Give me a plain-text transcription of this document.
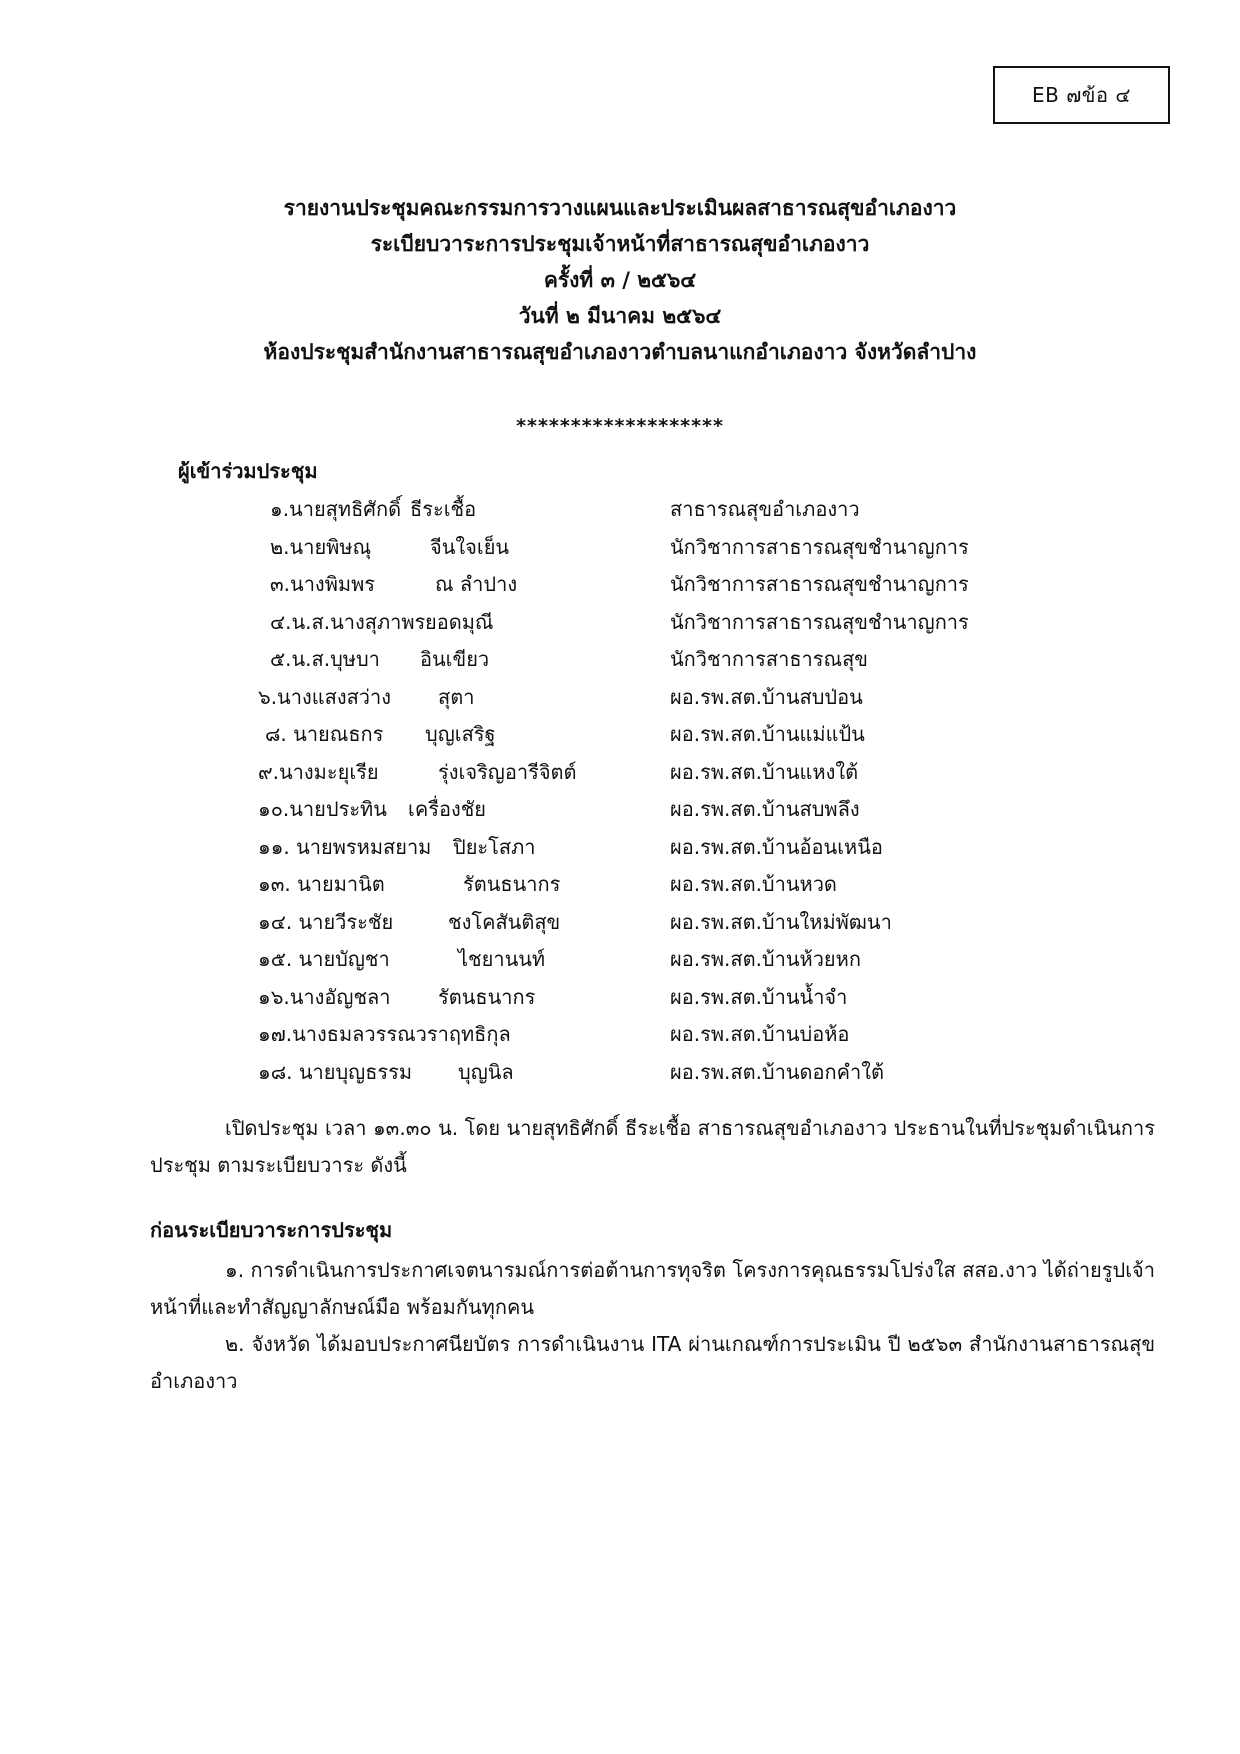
EB ๗ข้อ ๔
รายงานประชุมคณะกรรมการวางแผนและประเมินผลสาธารณสุขอำเภองาว
ระเบียบวาระการประชุมเจ้าหน้าที่สาธารณสุขอำเภองาว
ครั้งที่ ๓ / ๒๕๖๔
วันที่ ๒ มีนาคม ๒๕๖๔
ห้องประชุมสำนักงานสาธารณสุขอำเภองาวตำบลนาแกอำเภองาว จังหวัดลำปาง
*******************
ผู้เข้าร่วมประชุม
๑.นายสุทธิศักดิ์ ธีระเชื้อ	สาธารณสุขอำเภองาว
๒.นายพิษณุ	จีนใจเย็น	นักวิชาการสาธารณสุขชำนาญการ
๓.นางพิมพร	ณ ลำปาง	นักวิชาการสาธารณสุขชำนาญการ
๔.น.ส.นางสุภาพร ยอดมุณี	นักวิชาการสาธารณสุขชำนาญการ
๕.น.ส.บุษบา อินเขียว	นักวิชาการสาธารณสุข
๖.นางแสงสว่าง สุตา	ผอ.รพ.สต.บ้านสบป่อน
๘. นายณธกร บุญเสริฐ	ผอ.รพ.สต.บ้านแม่แป้น
๙.นางมะยุเรีย	รุ่งเจริญอารีจิตต์	ผอ.รพ.สต.บ้านแหงใต้
๑๐.นายประทิน เครื่องชัย	ผอ.รพ.สต.บ้านสบพลึง
๑๑. นายพรหมสยาม ปิยะโสภา	ผอ.รพ.สต.บ้านอ้อนเหนือ
๑๓. นายมานิต	รัตนธนากร	ผอ.รพ.สต.บ้านหวด
๑๔. นายวีระชัย	ชงโคสันติสุข	ผอ.รพ.สต.บ้านใหม่พัฒนา
๑๕. นายบัญชา	ไชยานนท์	ผอ.รพ.สต.บ้านห้วยหก
๑๖.นางอัญชลา รัตนธนากร	ผอ.รพ.สต.บ้านน้ำจำ
๑๗.นางธมลวรรณวราฤทธิกุล	ผอ.รพ.สต.บ้านบ่อห้อ
๑๘. นายบุญธรรม บุญนิล	ผอ.รพ.สต.บ้านดอกคำใต้
เปิดประชุม เวลา ๑๓.๓๐ น. โดย นายสุทธิศักดิ์ ธีระเชื้อ สาธารณสุขอำเภองาว ประธานในที่ประชุมดำเนินการประชุม ตามระเบียบวาระ ดังนี้
ก่อนระเบียบวาระการประชุม
๑. การดำเนินการประกาศเจตนารมณ์การต่อต้านการทุจริต โครงการคุณธรรมโปร่งใส สสอ.งาว ได้ถ่ายรูปเจ้าหน้าที่และทำสัญญาลักษณ์มือ พร้อมกันทุกคน
๒. จังหวัด ได้มอบประกาศนียบัตร การดำเนินงาน ITA ผ่านเกณฑ์การประเมิน ปี ๒๕๖๓ สำนักงานสาธารณสุขอำเภองาว
